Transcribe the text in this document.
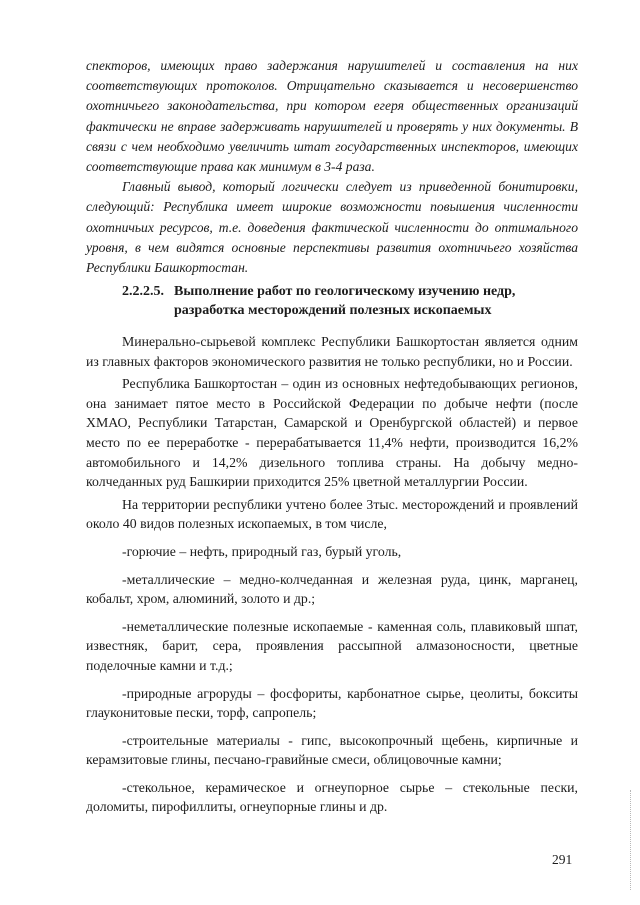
спекторов, имеющих право задержания нарушителей и составления на них соответствующих протоколов. Отрицательно сказывается и несовершенство охотничьего законодательства, при котором егеря общественных организаций фактически не вправе задерживать нарушителей и проверять у них документы. В связи с чем необходимо увеличить штат государственных инспекторов, имеющих соответствующие права как минимум в 3-4 раза.

Главный вывод, который логически следует из приведенной бонитировки, следующий: Республика имеет широкие возможности повышения численности охотничьих ресурсов, т.е. доведения фактической численности до оптимального уровня, в чем видятся основные перспективы развития охотничьего хозяйства Республики Башкортостан.

2.2.2.5. Выполнение работ по геологическому изучению недр,
разработка месторождений полезных ископаемых

Минерально-сырьевой комплекс Республики Башкортостан является одним из главных факторов экономического развития не только республики, но и России.

Республика Башкортостан – один из основных нефтедобывающих регионов, она занимает пятое место в Российской Федерации по добыче нефти (после ХМАО, Республики Татарстан, Самарской и Оренбургской областей) и первое место по ее переработке - перерабатывается 11,4% нефти, производится 16,2% автомобильного и 14,2% дизельного топлива страны. На добычу медно-колчеданных руд Башкирии приходится 25% цветной металлургии России.

На территории республики учтено более 3тыс. месторождений и проявлений около 40 видов полезных ископаемых, в том числе,

-горючие – нефть, природный газ, бурый уголь,

-металлические – медно-колчеданная и железная руда, цинк, марганец, кобальт, хром, алюминий, золото и др.;

-неметаллические полезные ископаемые - каменная соль, плавиковый шпат, известняк, барит, сера, проявления рассыпной алмазоносности, цветные поделочные камни и т.д.;

-природные агроруды – фосфориты, карбонатное сырье, цеолиты, бокситы глауконитовые пески, торф, сапропель;

-строительные материалы - гипс, высокопрочный щебень, кирпичные и керамзитовые глины, песчано-гравийные смеси, облицовочные камни;

-стекольное, керамическое и огнеупорное сырье – стекольные пески, доломиты, пирофиллиты, огнеупорные глины и др.

291
